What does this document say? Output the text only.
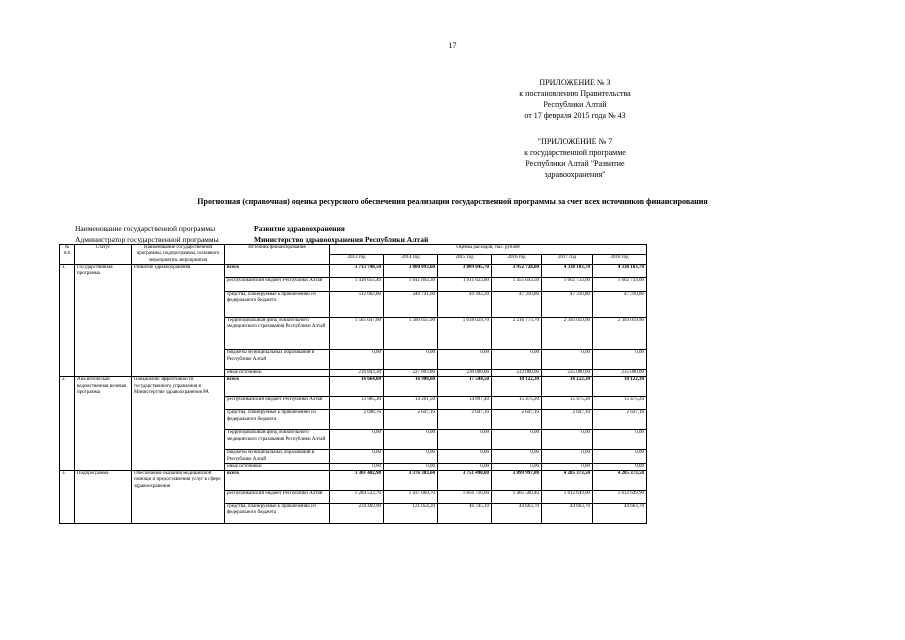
17
ПРИЛОЖЕНИЕ № 3
к постановлению Правительства
Республики Алтай
от 17 февраля 2015 года № 43
"ПРИЛОЖЕНИЕ № 7
к государственной программе
Республики Алтай "Развитие
здравоохранения"
Прогнозная (справочная) оценка ресурсного обеспечения реализации государственной программы за счет всех источников финансирования
Наименование государственной программы	Развитие здравоохранения
Администратор государственной программы	Министерство здравоохранения Республики Алтай
№ п/п	Статус	Наименование государственной программы, подпрограммы, основного мероприятия, мероприятия	Источник финансирования	Оценка расходов, тыс. рублей					
				2013 год	2014 год	2015 год	2016 год	2017 год	2018 год
1.	Государственная программа	Развитие здравоохранения	всего	3 713 748,50	3 800 093,60	3 809 045,70	3 952 728,00	4 338 103,70	4 338 103,70
			республиканский бюджет Республики Алтай	1 418 655,40	1 641 892,30	1 911 623,80	1 455 643,50	1 662 733,00	1 662 733,00
			средства, планируемые к привлечению из федерального бюджета	512 602,80	340 741,60	49 392,20	47 310,80	47 310,80	47 310,80
			Территориальный фонд обязательного медицинского страхования Республики Алтай	1 565 647,00	1 589 655,90	1 618 029,70	2 216 773,70	2 393 059,90	2 393 059,90
			бюджеты муниципальных образований в Республике Алтай	0,00	0,00	0,00	0,00	0,00	0,00
			иные источники	216 843,30	227 803,80	230 000,00	233 000,00	235 000,00	235 000,00
2.	Аналитическая ведомственная целевая программа	Повышение эффективности государственного управления в Министерстве здравоохранения РА	всего	16 664,00	16 908,60	17 544,50	18 122,30	18 122,30	18 122,30
			республиканский бюджет Республики Алтай	13 965,30	14 261,50	14 897,40	15 475,20	15 475,20	15 475,20
			средства, планируемые к привлечению из федерального бюджета	2 698,70	2 647,10	2 647,10	2 647,10	2 647,10	2 647,10
			Территориальный фонд обязательного медицинского страхования Республики Алтай	0,00	0,00	0,00	0,00	0,00	0,00
			бюджеты муниципальных образований в Республике Алтай	0,00	0,00	0,00	0,00	0,00	0,00
			иные источники	0,00	0,00	0,00	0,00	0,00	0,00
3.	Подпрограмма	Обеспечение оказания медицинской помощи и предоставления услуг в сфере здравоохранения	всего	3 301 482,90	3 376 383,60	3 751 490,80	3 899 997,80	4 285 373,50	4 285 373,50
			республиканский бюджет Республики Алтай	1 284 522,70	1 437 869,70	1 856 716,00	1 405 560,40	1 612 649,90	1 612 649,90
			средства, планируемые к привлечению из федерального бюджета	234 469,90	121 054,20	46 745,10	44 663,70	44 663,70	44 663,70
